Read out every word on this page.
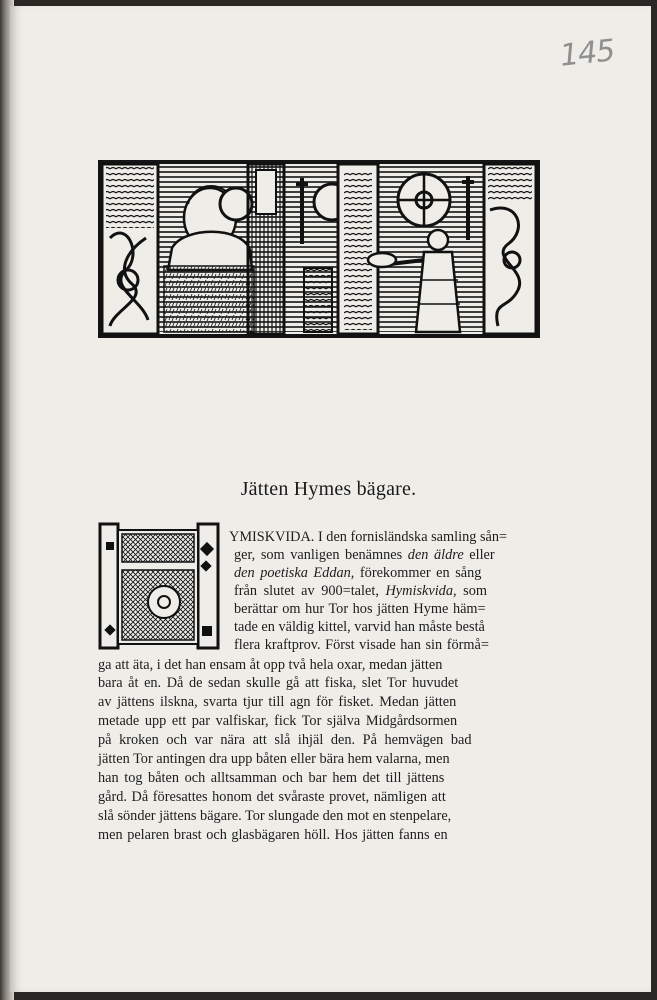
145
Jätten Hymes bägare.
YMISKVIDA. I den fornisländska samling sån=
ger, som vanligen benämnes den äldre eller
den poetiska Eddan, förekommer en sång
från slutet av 900=talet, Hymiskvida, som
berättar om hur Tor hos jätten Hyme häm=
tade en väldig kittel, varvid han måste bestå
flera kraftprov. Först visade han sin förmå=
ga att äta, i det han ensam åt opp två hela oxar, medan jätten
bara åt en. Då de sedan skulle gå att fiska, slet Tor huvudet
av jättens ilskna, svarta tjur till agn för fisket. Medan jätten
metade upp ett par valfiskar, fick Tor själva Midgårdsormen
på kroken och var nära att slå ihjäl den. På hemvägen bad
jätten Tor antingen dra upp båten eller bära hem valarna, men
han tog båten och alltsamman och bar hem det till jättens
gård. Då föresattes honom det svåraste provet, nämligen att
slå sönder jättens bägare. Tor slungade den mot en stenpelare,
men pelaren brast och glasbägaren höll. Hos jätten fanns en
